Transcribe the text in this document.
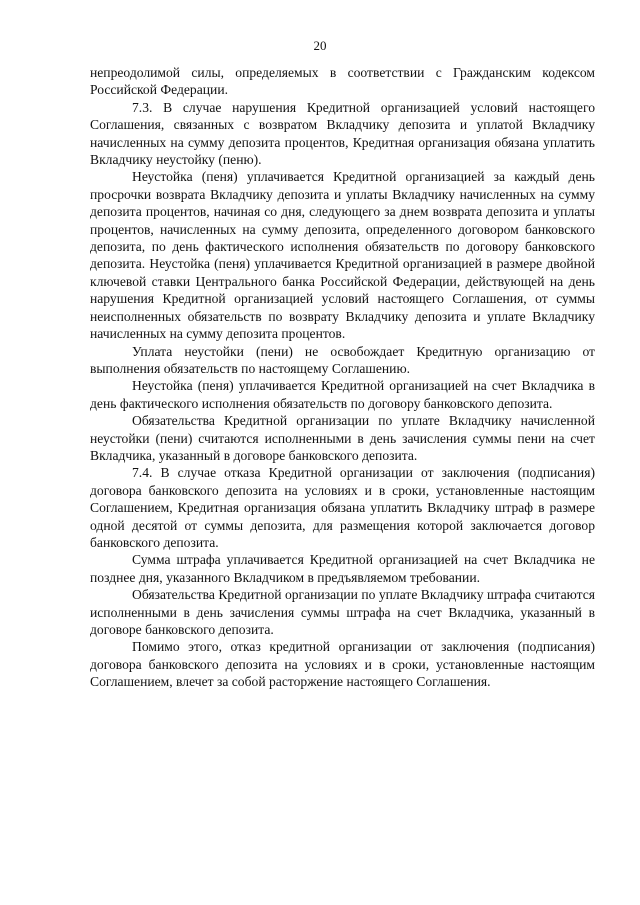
20

непреодолимой силы, определяемых в соответствии с Гражданским кодексом Российской Федерации.

7.3. В случае нарушения Кредитной организацией условий настоящего Соглашения, связанных с возвратом Вкладчику депозита и уплатой Вкладчику начисленных на сумму депозита процентов, Кредитная организация обязана уплатить Вкладчику неустойку (пеню).

Неустойка (пеня) уплачивается Кредитной организацией за каждый день просрочки возврата Вкладчику депозита и уплаты Вкладчику начисленных на сумму депозита процентов, начиная со дня, следующего за днем возврата депозита и уплаты процентов, начисленных на сумму депозита, определенного договором банковского депозита, по день фактического исполнения обязательств по договору банковского депозита. Неустойка (пеня) уплачивается Кредитной организацией в размере двойной ключевой ставки Центрального банка Российской Федерации, действующей на день нарушения Кредитной организацией условий настоящего Соглашения, от суммы неисполненных обязательств по возврату Вкладчику депозита и уплате Вкладчику начисленных на сумму депозита процентов.

Уплата неустойки (пени) не освобождает Кредитную организацию от выполнения обязательств по настоящему Соглашению.

Неустойка (пеня) уплачивается Кредитной организацией на счет Вкладчика в день фактического исполнения обязательств по договору банковского депозита.

Обязательства Кредитной организации по уплате Вкладчику начисленной неустойки (пени) считаются исполненными в день зачисления суммы пени на счет Вкладчика, указанный в договоре банковского депозита.

7.4. В случае отказа Кредитной организации от заключения (подписания) договора банковского депозита на условиях и в сроки, установленные настоящим Соглашением, Кредитная организация обязана уплатить Вкладчику штраф в размере одной десятой от суммы депозита, для размещения которой заключается договор банковского депозита.

Сумма штрафа уплачивается Кредитной организацией на счет Вкладчика не позднее дня, указанного Вкладчиком в предъявляемом требовании.

Обязательства Кредитной организации по уплате Вкладчику штрафа считаются исполненными в день зачисления суммы штрафа на счет Вкладчика, указанный в договоре банковского депозита.

Помимо этого, отказ кредитной организации от заключения (подписания) договора банковского депозита на условиях и в сроки, установленные настоящим Соглашением, влечет за собой расторжение настоящего Соглашения.
